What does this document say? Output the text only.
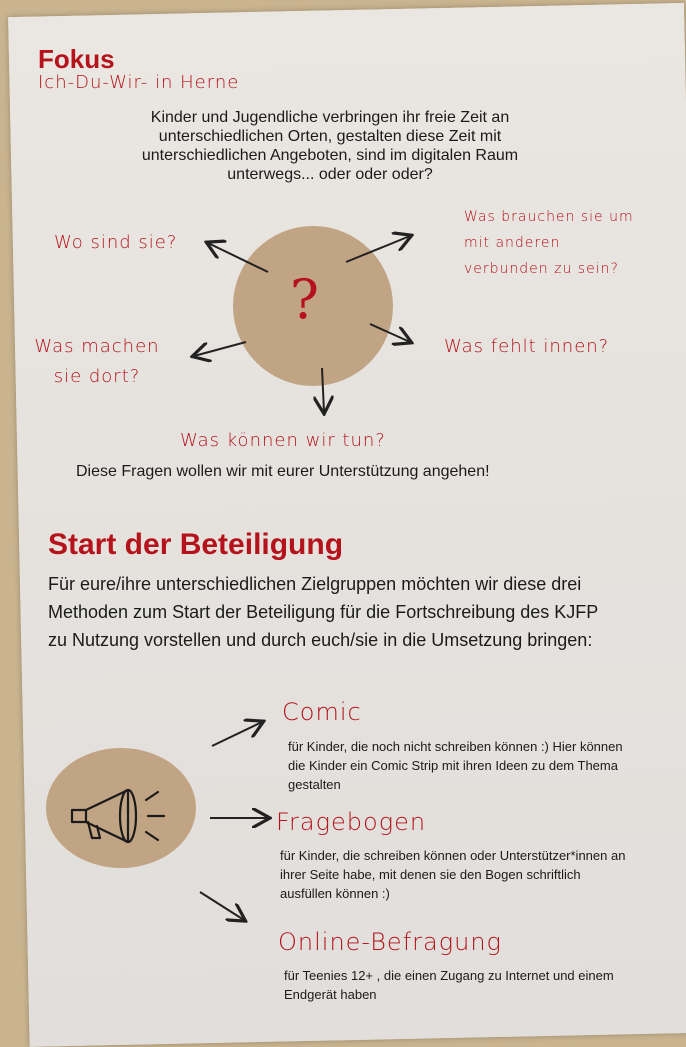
Fokus
Ich-Du-Wir- in Herne
Kinder und Jugendliche verbringen ihr freie Zeit an unterschiedlichen Orten, gestalten diese Zeit mit unterschiedlichen Angeboten, sind im digitalen Raum unterwegs... oder oder oder?
?
Wo sind sie?
Was brauchen sie um mit anderen verbunden zu sein?
Was machen sie dort?
Was fehlt innen?
Was können wir tun?
Diese Fragen wollen wir mit eurer Unterstützung angehen!
Start der Beteiligung
Für eure/ihre unterschiedlichen Zielgruppen möchten wir diese drei Methoden zum Start der Beteiligung für die Fortschreibung des KJFP zu Nutzung vorstellen und durch euch/sie in die Umsetzung bringen:
Comic
für Kinder, die noch nicht schreiben können :) Hier können die Kinder ein Comic Strip mit ihren Ideen zu dem Thema gestalten
Fragebogen
für Kinder, die schreiben können oder Unterstützer*innen an ihrer Seite habe, mit denen sie den Bogen schriftlich ausfüllen können :)
Online-Befragung
für Teenies 12+ , die einen Zugang zu Internet und einem Endgerät haben
